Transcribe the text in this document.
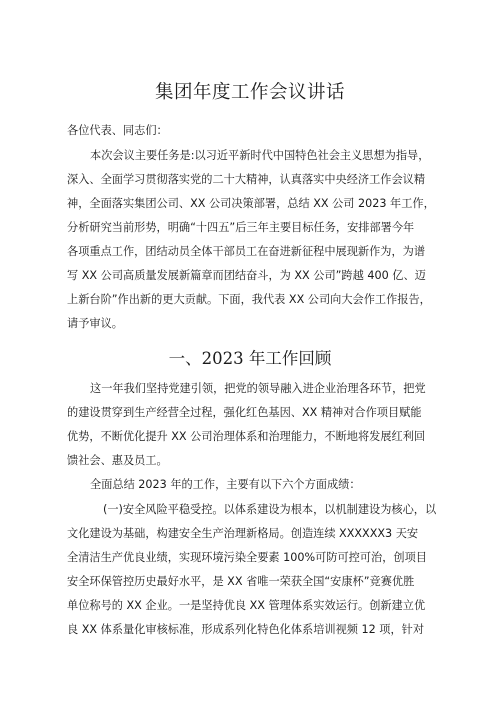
集团年度工作会议讲话
各位代表、同志们：
本次会议主要任务是:以习近平新时代中国特色社会主义思想为指导，
深入、全面学习贯彻落实党的二十大精神，认真落实中央经济工作会议精
神，全面落实集团公司、XX 公司决策部署，总结 XX 公司 2023 年工作，
分析研究当前形势，明确“十四五”后三年主要目标任务，安排部署今年
各项重点工作，团结动员全体干部员工在奋进新征程中展现新作为，为谱
写 XX 公司高质量发展新篇章而团结奋斗，为 XX 公司”跨越 400 亿、迈
上新台阶”作出新的更大贡献。下面，我代表 XX 公司向大会作工作报告，
请予审议。
一、2023 年工作回顾
这一年我们坚持党建引领，把党的领导融入进企业治理各环节，把党
的建设贯穿到生产经营全过程，强化红色基因、XX 精神对合作项目赋能
优势，不断优化提升 XX 公司治理体系和治理能力，不断地将发展红利回
馈社会、惠及员工。
全面总结 2023 年的工作，主要有以下六个方面成绩：
(一)安全风险平稳受控。以体系建设为根本，以机制建设为核心，以
文化建设为基础，构建安全生产治理新格局。创造连续 XXXXXX3 天安
全清洁生产优良业绩，实现环境污染全要素 100%可防可控可治，创项目
安全环保管控历史最好水平，是 XX 省唯一荣获全国“安康杯”竞赛优胜
单位称号的 XX 企业。一是坚持优良 XX 管理体系实效运行。创新建立优
良 XX 体系量化审核标准，形成系列化特色化体系培训视频 12 项，针对
